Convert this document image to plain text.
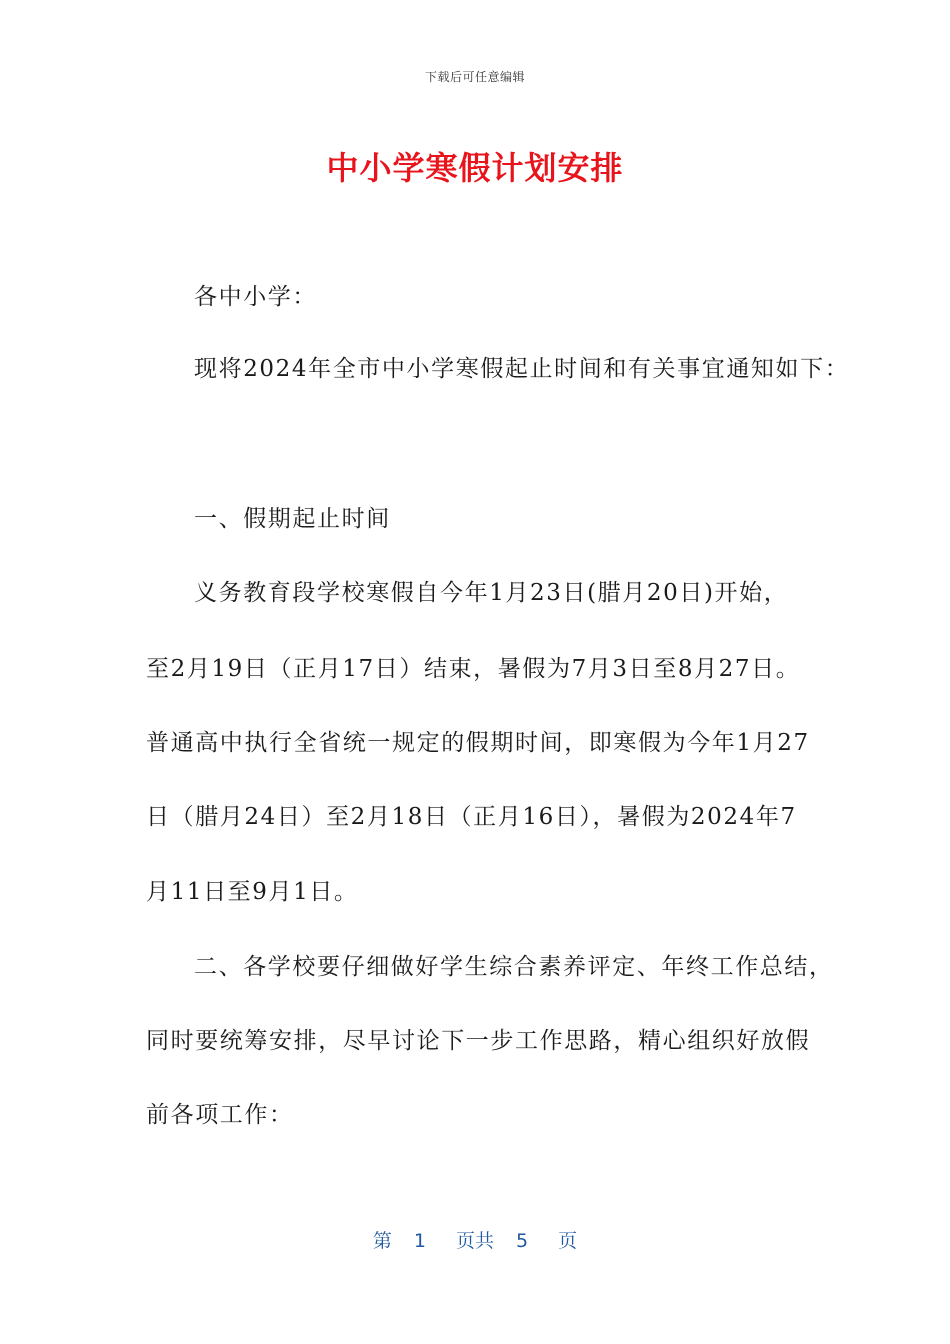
下载后可任意编辑
中小学寒假计划安排
各中小学：
现将2024年全市中小学寒假起止时间和有关事宜通知如下：
一、假期起止时间
义务教育段学校寒假自今年1月23日(腊月20日)开始，
至2月19日（正月17日）结束，暑假为7月3日至8月27日。
普通高中执行全省统一规定的假期时间，即寒假为今年1月27
日（腊月24日）至2月18日（正月16日），暑假为2024年7
月11日至9月1日。
二、各学校要仔细做好学生综合素养评定、年终工作总结，
同时要统筹安排，尽早讨论下一步工作思路，精心组织好放假
前各项工作：
第 1 页共 5 页
